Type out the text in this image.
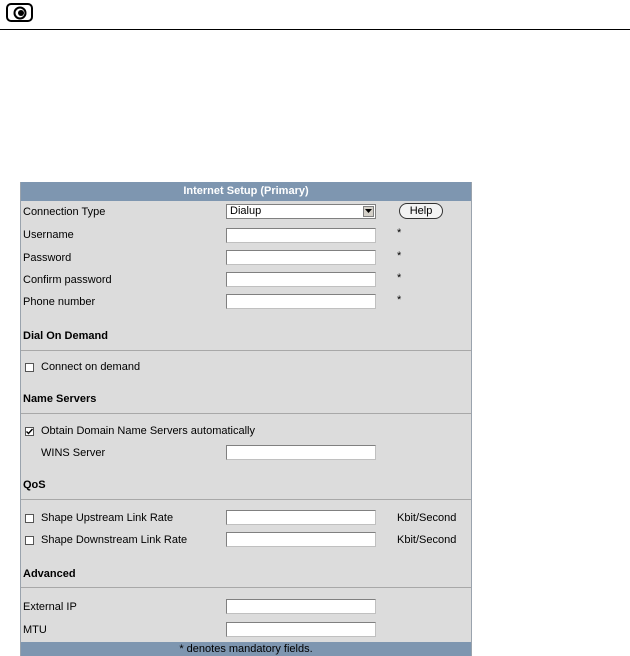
Internet Setup (Primary)
Connection Type	Dialup	Help
Username	*
Password	*
Confirm password	*
Phone number	*
Dial On Demand
Connect on demand
Name Servers
Obtain Domain Name Servers automatically
WINS Server
QoS
Shape Upstream Link Rate	Kbit/Second
Shape Downstream Link Rate	Kbit/Second
Advanced
External IP
MTU
* denotes mandatory fields.
